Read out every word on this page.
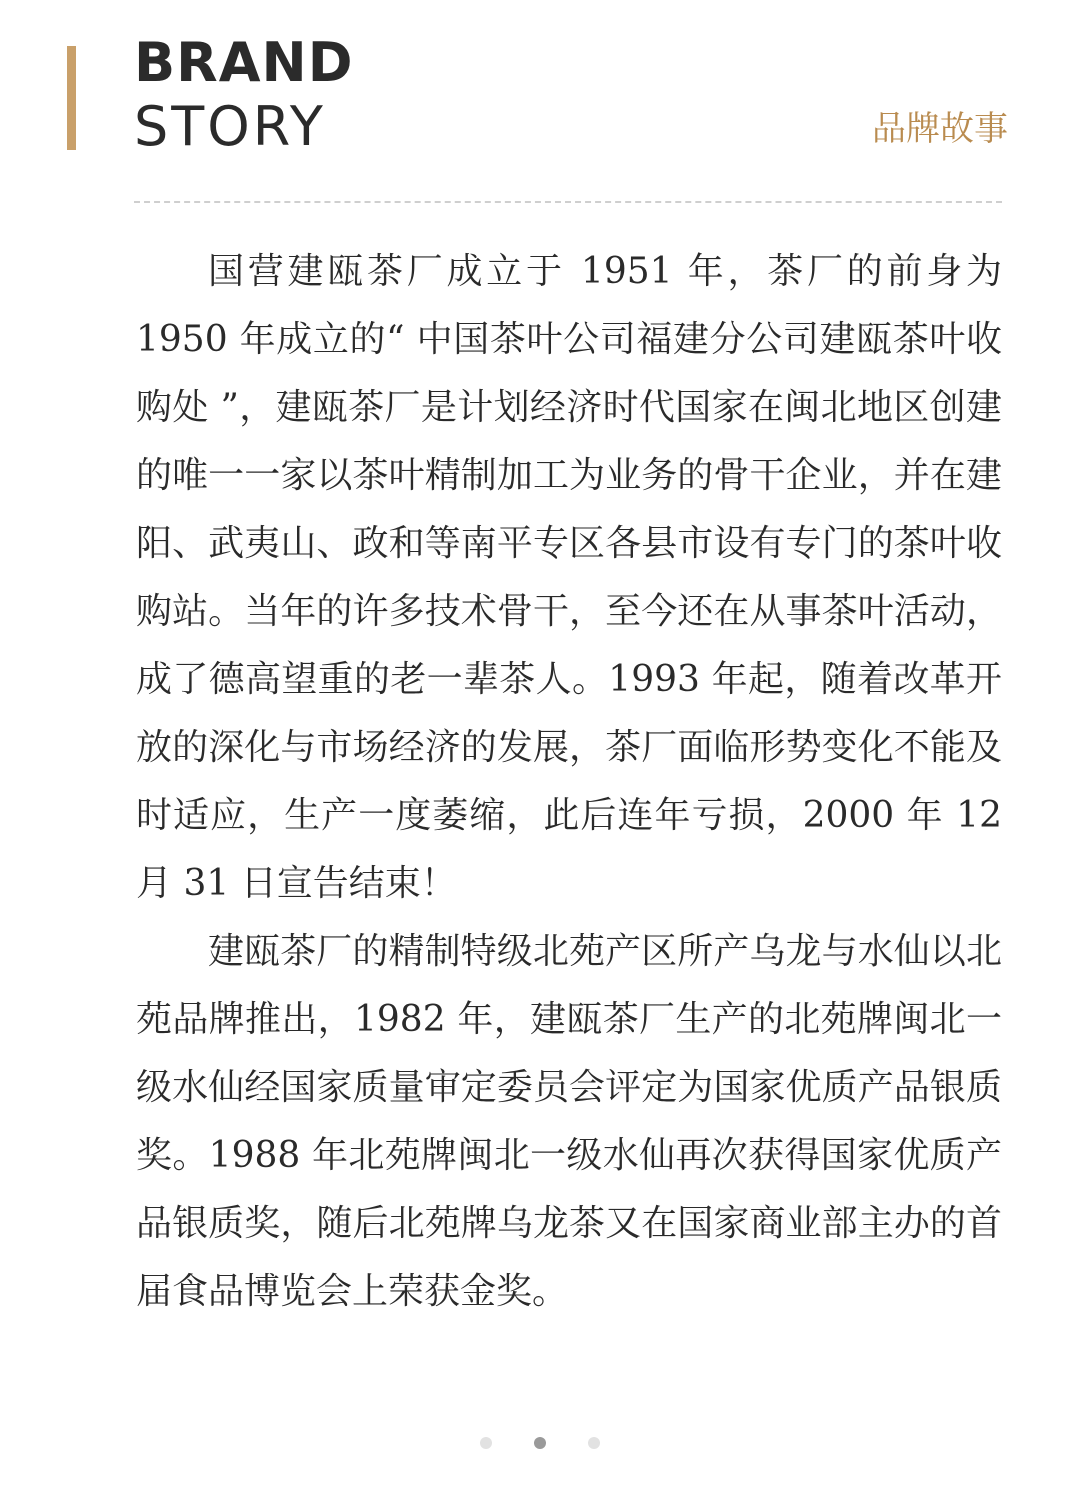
BRAND
STORY	品牌故事

国营建瓯茶厂成立于 1951 年，茶厂的前身为 1950 年成立的“ 中国茶叶公司福建分公司建瓯茶叶收购处 ”，建瓯茶厂是计划经济时代国家在闽北地区创建的唯一一家以茶叶精制加工为业务的骨干企业，并在建阳、武夷山、政和等南平专区各县市设有专门的茶叶收购站。当年的许多技术骨干，至今还在从事茶叶活动，成了德高望重的老一辈茶人。1993 年起，随着改革开放的深化与市场经济的发展，茶厂面临形势变化不能及时适应，生产一度萎缩，此后连年亏损，2000 年 12 月 31 日宣告结束！

建瓯茶厂的精制特级北苑产区所产乌龙与水仙以北苑品牌推出，1982 年，建瓯茶厂生产的北苑牌闽北一级水仙经国家质量审定委员会评定为国家优质产品银质奖。1988 年北苑牌闽北一级水仙再次获得国家优质产品银质奖，随后北苑牌乌龙茶又在国家商业部主办的首届食品博览会上荣获金奖。
